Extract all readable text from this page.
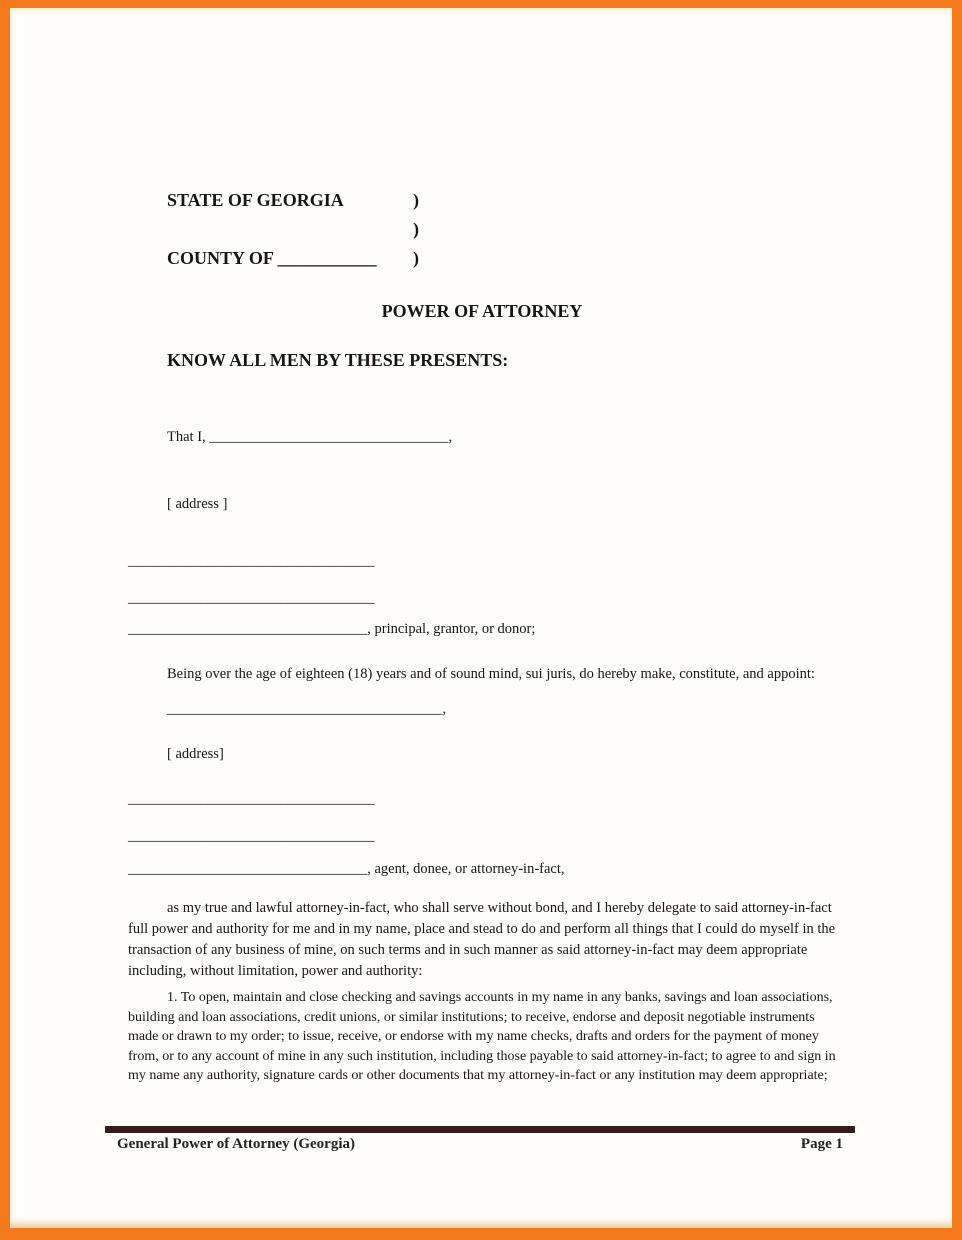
STATE OF GEORGIA	)
)
COUNTY OF ___________ )
POWER OF ATTORNEY
KNOW ALL MEN BY THESE PRESENTS:
That I, _________________________________,
[ address ]
__________________________________
__________________________________
_________________________________, principal, grantor, or donor;
Being over the age of eighteen (18) years and of sound mind, sui juris, do hereby make, constitute, and appoint:
______________________________________,
[ address]
__________________________________
__________________________________
_________________________________, agent, donee, or attorney-in-fact,
as my true and lawful attorney-in-fact, who shall serve without bond, and I hereby delegate to said attorney-in-fact full power and authority for me and in my name, place and stead to do and perform all things that I could do myself in the transaction of any business of mine, on such terms and in such manner as said attorney-in-fact may deem appropriate including, without limitation, power and authority:
1. To open, maintain and close checking and savings accounts in my name in any banks, savings and loan associations, building and loan associations, credit unions, or similar institutions; to receive, endorse and deposit negotiable instruments made or drawn to my order; to issue, receive, or endorse with my name checks, drafts and orders for the payment of money from, or to any account of mine in any such institution, including those payable to said attorney-in-fact; to agree to and sign in my name any authority, signature cards or other documents that my attorney-in-fact or any institution may deem appropriate;
General Power of Attorney (Georgia)	Page 1
